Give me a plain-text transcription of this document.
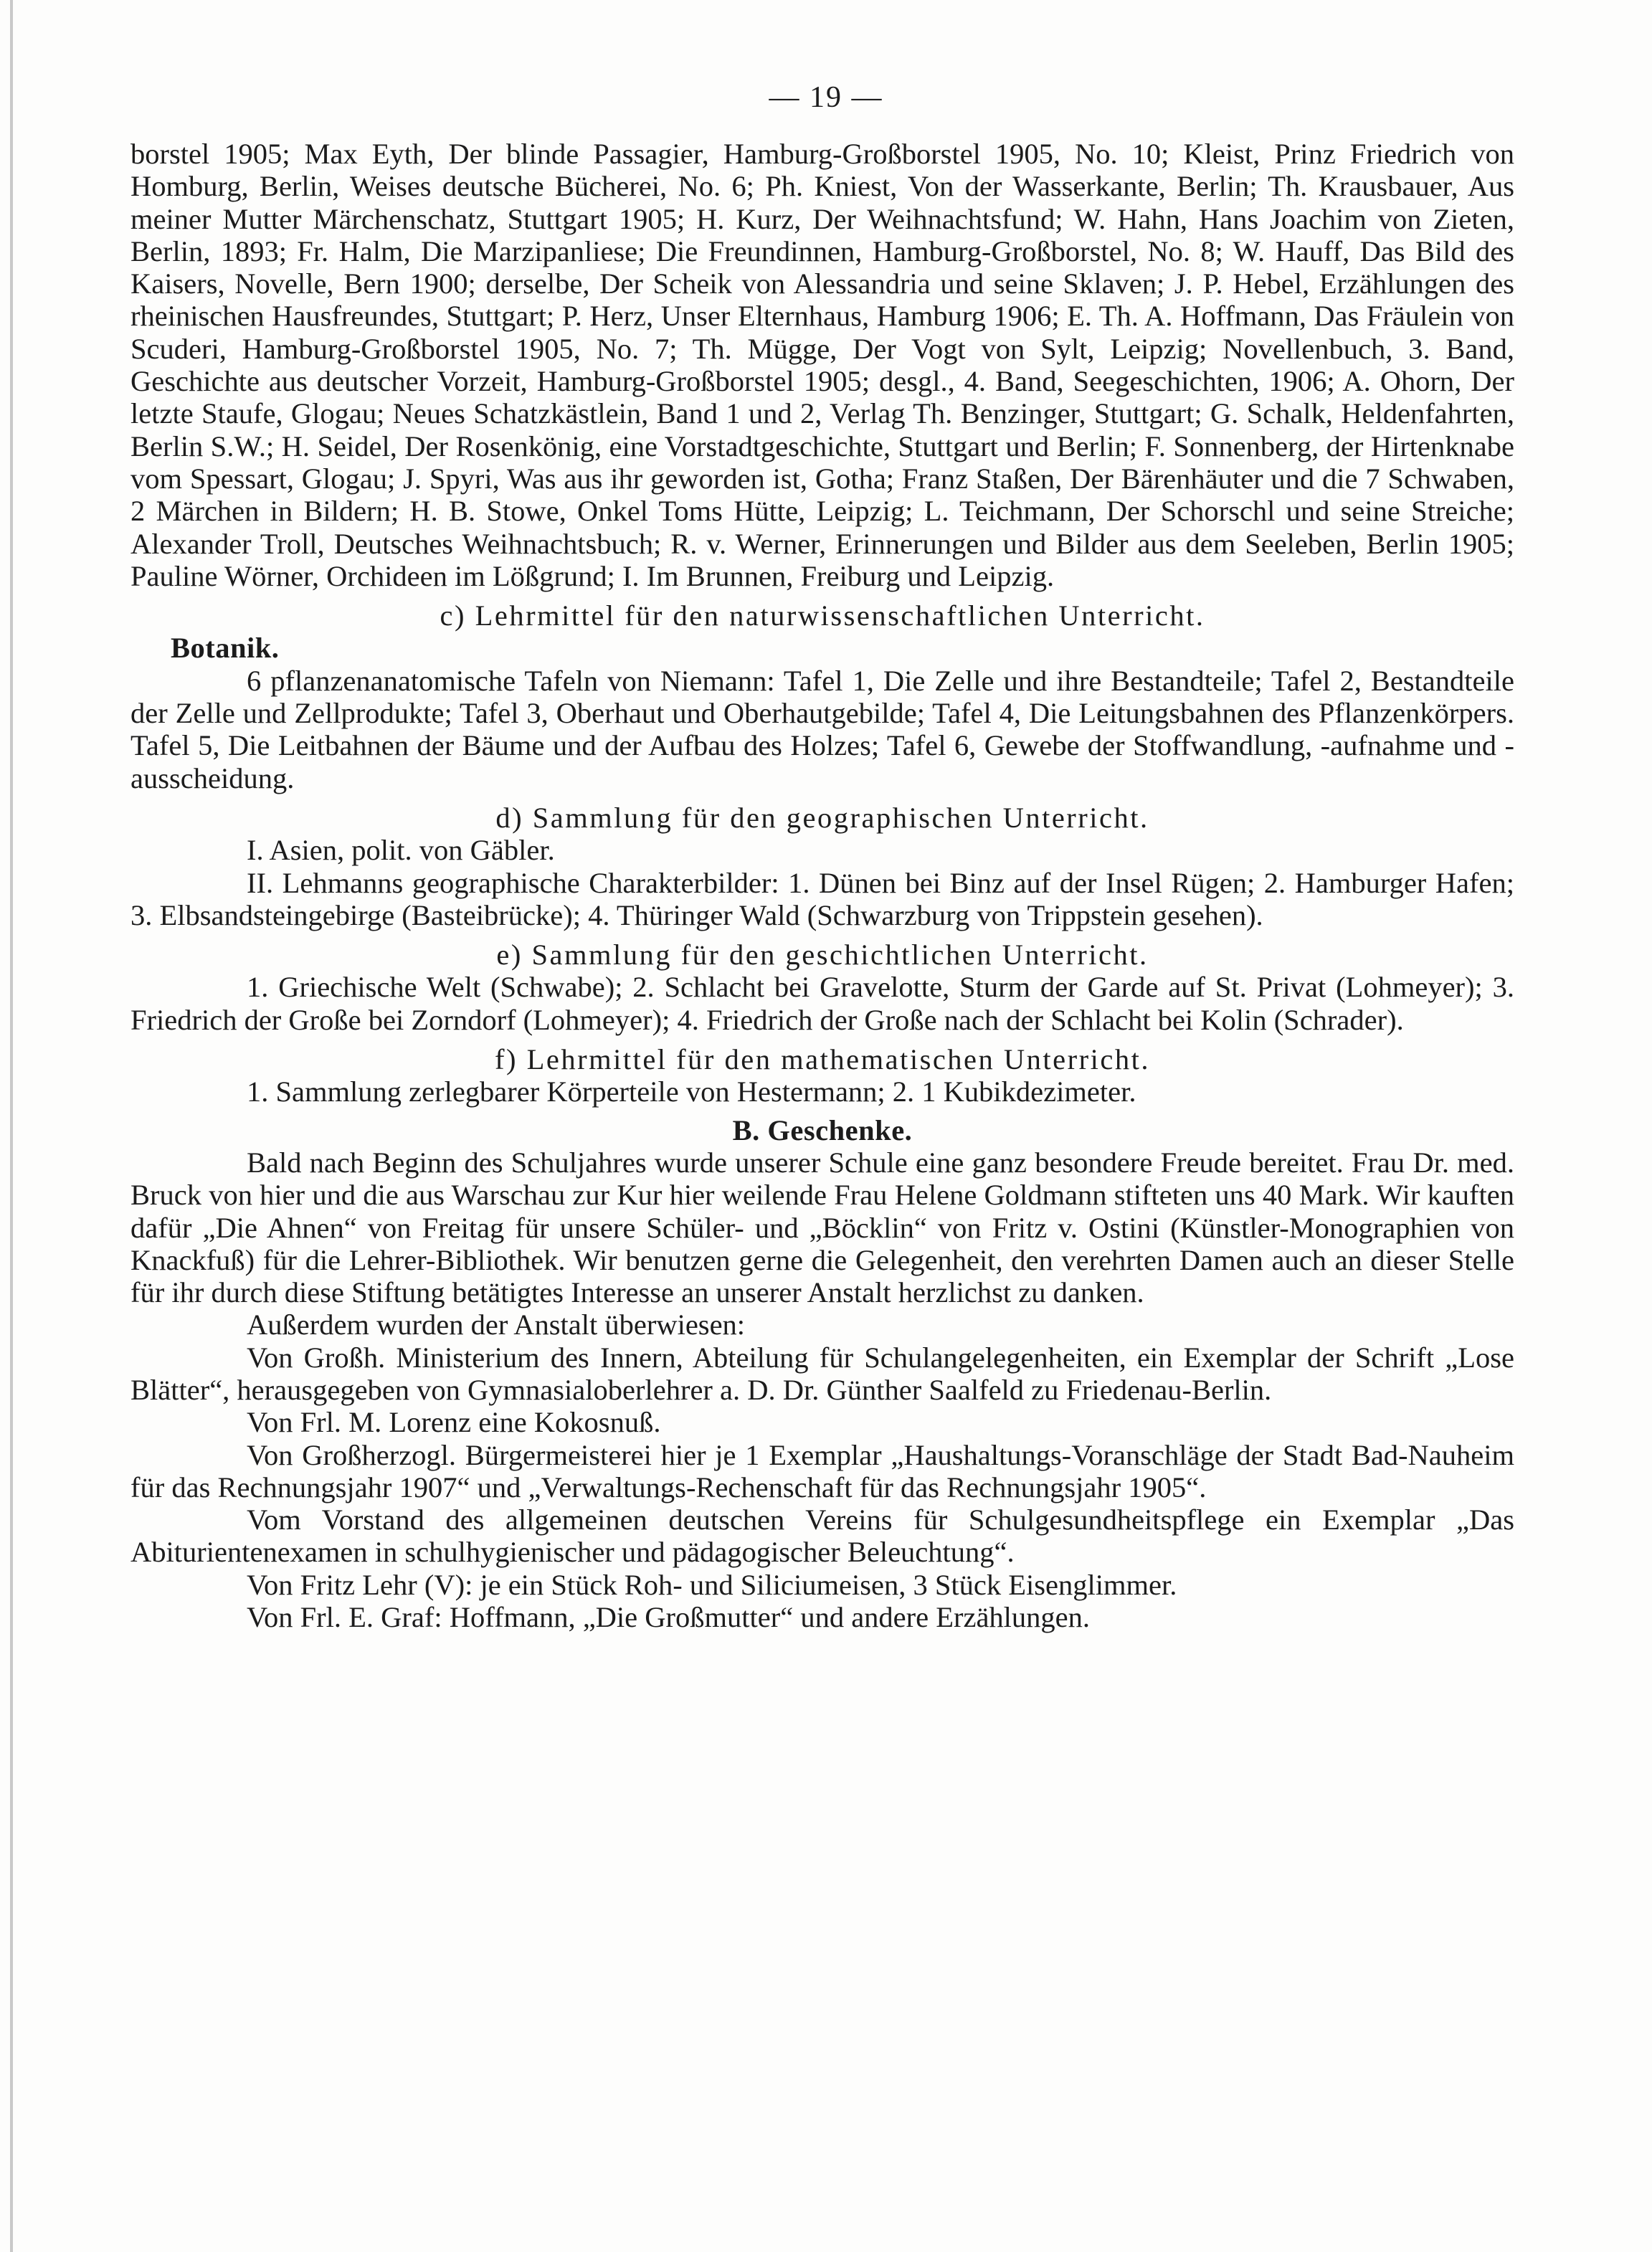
— 19 —

borstel 1905; Max Eyth, Der blinde Passagier, Hamburg-Großborstel 1905, No. 10; Kleist, Prinz Friedrich von Homburg, Berlin, Weises deutsche Bücherei, No. 6; Ph. Kniest, Von der Wasserkante, Berlin; Th. Krausbauer, Aus meiner Mutter Märchenschatz, Stuttgart 1905; H. Kurz, Der Weihnachtsfund; W. Hahn, Hans Joachim von Zieten, Berlin, 1893; Fr. Halm, Die Marzipanliese; Die Freundinnen, Hamburg-Großborstel, No. 8; W. Hauff, Das Bild des Kaisers, Novelle, Bern 1900; derselbe, Der Scheik von Alessandria und seine Sklaven; J. P. Hebel, Erzählungen des rheinischen Hausfreundes, Stuttgart; P. Herz, Unser Elternhaus, Hamburg 1906; E. Th. A. Hoffmann, Das Fräulein von Scuderi, Hamburg-Großborstel 1905, No. 7; Th. Mügge, Der Vogt von Sylt, Leipzig; Novellenbuch, 3. Band, Geschichte aus deutscher Vorzeit, Hamburg-Großborstel 1905; desgl., 4. Band, Seegeschichten, 1906; A. Ohorn, Der letzte Staufe, Glogau; Neues Schatzkästlein, Band 1 und 2, Verlag Th. Benzinger, Stuttgart; G. Schalk, Heldenfahrten, Berlin S.W.; H. Seidel, Der Rosenkönig, eine Vorstadtgeschichte, Stuttgart und Berlin; F. Sonnenberg, der Hirtenknabe vom Spessart, Glogau; J. Spyri, Was aus ihr geworden ist, Gotha; Franz Staßen, Der Bärenhäuter und die 7 Schwaben, 2 Märchen in Bildern; H. B. Stowe, Onkel Toms Hütte, Leipzig; L. Teichmann, Der Schorschl und seine Streiche; Alexander Troll, Deutsches Weihnachtsbuch; R. v. Werner, Erinnerungen und Bilder aus dem Seeleben, Berlin 1905; Pauline Wörner, Orchideen im Lößgrund; I. Im Brunnen, Freiburg und Leipzig.

c) Lehrmittel für den naturwissenschaftlichen Unterricht.

Botanik.

6 pflanzenanatomische Tafeln von Niemann: Tafel 1, Die Zelle und ihre Bestandteile; Tafel 2, Bestandteile der Zelle und Zellprodukte; Tafel 3, Oberhaut und Oberhautgebilde; Tafel 4, Die Leitungsbahnen des Pflanzenkörpers. Tafel 5, Die Leitbahnen der Bäume und der Aufbau des Holzes; Tafel 6, Gewebe der Stoffwandlung, -aufnahme und -ausscheidung.

d) Sammlung für den geographischen Unterricht.

I. Asien, polit. von Gäbler.

II. Lehmanns geographische Charakterbilder: 1. Dünen bei Binz auf der Insel Rügen; 2. Hamburger Hafen; 3. Elbsandsteingebirge (Basteibrücke); 4. Thüringer Wald (Schwarzburg von Trippstein gesehen).

e) Sammlung für den geschichtlichen Unterricht.

1. Griechische Welt (Schwabe); 2. Schlacht bei Gravelotte, Sturm der Garde auf St. Privat (Lohmeyer); 3. Friedrich der Große bei Zorndorf (Lohmeyer); 4. Friedrich der Große nach der Schlacht bei Kolin (Schrader).

f) Lehrmittel für den mathematischen Unterricht.

1. Sammlung zerlegbarer Körperteile von Hestermann; 2. 1 Kubikdezimeter.

B. Geschenke.

Bald nach Beginn des Schuljahres wurde unserer Schule eine ganz besondere Freude bereitet. Frau Dr. med. Bruck von hier und die aus Warschau zur Kur hier weilende Frau Helene Goldmann stifteten uns 40 Mark. Wir kauften dafür „Die Ahnen“ von Freitag für unsere Schüler- und „Böcklin“ von Fritz v. Ostini (Künstler-Monographien von Knackfuß) für die Lehrer-Bibliothek. Wir benutzen gerne die Gelegenheit, den verehrten Damen auch an dieser Stelle für ihr durch diese Stiftung betätigtes Interesse an unserer Anstalt herzlichst zu danken.

Außerdem wurden der Anstalt überwiesen:

Von Großh. Ministerium des Innern, Abteilung für Schulangelegenheiten, ein Exemplar der Schrift „Lose Blätter“, herausgegeben von Gymnasialoberlehrer a. D. Dr. Günther Saalfeld zu Friedenau-Berlin.

Von Frl. M. Lorenz eine Kokosnuß.

Von Großherzogl. Bürgermeisterei hier je 1 Exemplar „Haushaltungs-Voranschläge der Stadt Bad-Nauheim für das Rechnungsjahr 1907“ und „Verwaltungs-Rechenschaft für das Rechnungsjahr 1905“.

Vom Vorstand des allgemeinen deutschen Vereins für Schulgesundheitspflege ein Exemplar „Das Abiturientenexamen in schulhygienischer und pädagogischer Beleuchtung“.

Von Fritz Lehr (V): je ein Stück Roh- und Siliciumeisen, 3 Stück Eisenglimmer.

Von Frl. E. Graf: Hoffmann, „Die Großmutter“ und andere Erzählungen.
